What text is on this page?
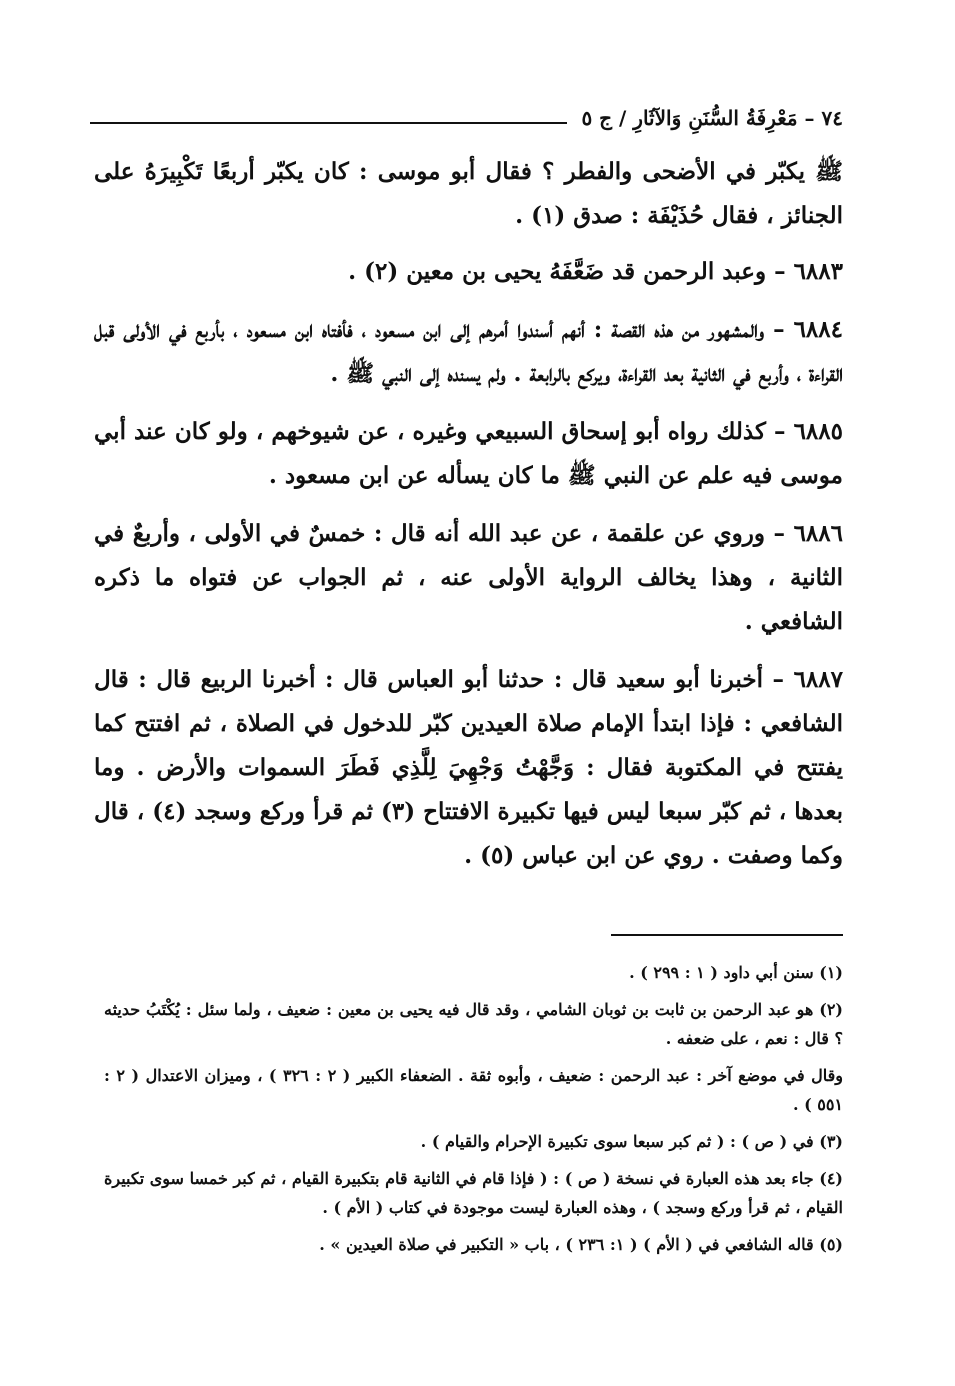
٧٤ – مَعْرِفَةُ السُّنَنِ وَالآثَارِ / ج ٥

ﷺ يكبّر في الأضحى والفطر ؟ فقال أبو موسى : كان يكبّر أربعًا تَكْبِيرَهُ على الجنائز ، فقال حُذَيْفَة : صدق (١) .

٦٨٨٣ – وعبد الرحمن قد ضَعَّفَهُ يحيى بن معين (٢) .

٦٨٨٤ – والمشهور من هذه القصة : أنهم أسندوا أمرهم إلى ابن مسعود ، فأفتاه ابن مسعود ، بأربع في الأولى قبل القراءة ، وأربع في الثانية بعد القراءة، ويركع بالرابعة . ولم يسنده إلى النبي ﷺ .

٦٨٨٥ – كذلك رواه أبو إسحاق السبيعي وغيره ، عن شيوخهم ، ولو كان عند أبي موسى فيه علم عن النبي ﷺ ما كان يسأله عن ابن مسعود .

٦٨٨٦ – وروي عن علقمة ، عن عبد الله أنه قال : خمسٌ في الأولى ، وأربعٌ في الثانية ، وهذا يخالف الرواية الأولى عنه ، ثم الجواب عن فتواه ما ذكره الشافعي .

٦٨٨٧ – أخبرنا أبو سعيد قال : حدثنا أبو العباس قال : أخبرنا الربيع قال : قال الشافعي : فإذا ابتدأ الإمام صلاة العيدين كبّر للدخول في الصلاة ، ثم افتتح كما يفتتح في المكتوبة فقال : وَجَّهْتُ وَجْهِيَ لِلَّذِي فَطَرَ السموات والأرض . وما بعدها ، ثم كبّر سبعا ليس فيها تكبيرة الافتتاح (٣) ثم قرأ وركع وسجد (٤) ، قال وكما وصفت . روي عن ابن عباس (٥) .

(١) سنن أبي داود ( ١ : ٢٩٩ ) .

(٢) هو عبد الرحمن بن ثابت بن ثوبان الشامي ، وقد قال فيه يحيى بن معين : ضعيف ، ولما سئل : يُكْتَبُ حديثه ؟ قال : نعم ، على ضعفه .

وقال في موضع آخر : عبد الرحمن : ضعيف ، وأبوه ثقة . الضعفاء الكبير ( ٢ : ٣٢٦ ) ، وميزان الاعتدال ( ٢ : ٥٥١ ) .

(٣) في ( ص ) : ( ثم كبر سبعا سوى تكبيرة الإحرام والقيام ) .

(٤) جاء بعد هذه العبارة في نسخة ( ص ) : ( فإذا قام في الثانية قام بتكبيرة القيام ، ثم كبر خمسا سوى تكبيرة القيام ، ثم قرأ وركع وسجد ) ، وهذه العبارة ليست موجودة في كتاب ( الأم ) .

(٥) قاله الشافعي في ( الأم ) ( ١: ٢٣٦ ) ، باب « التكبير في صلاة العيدين » .
